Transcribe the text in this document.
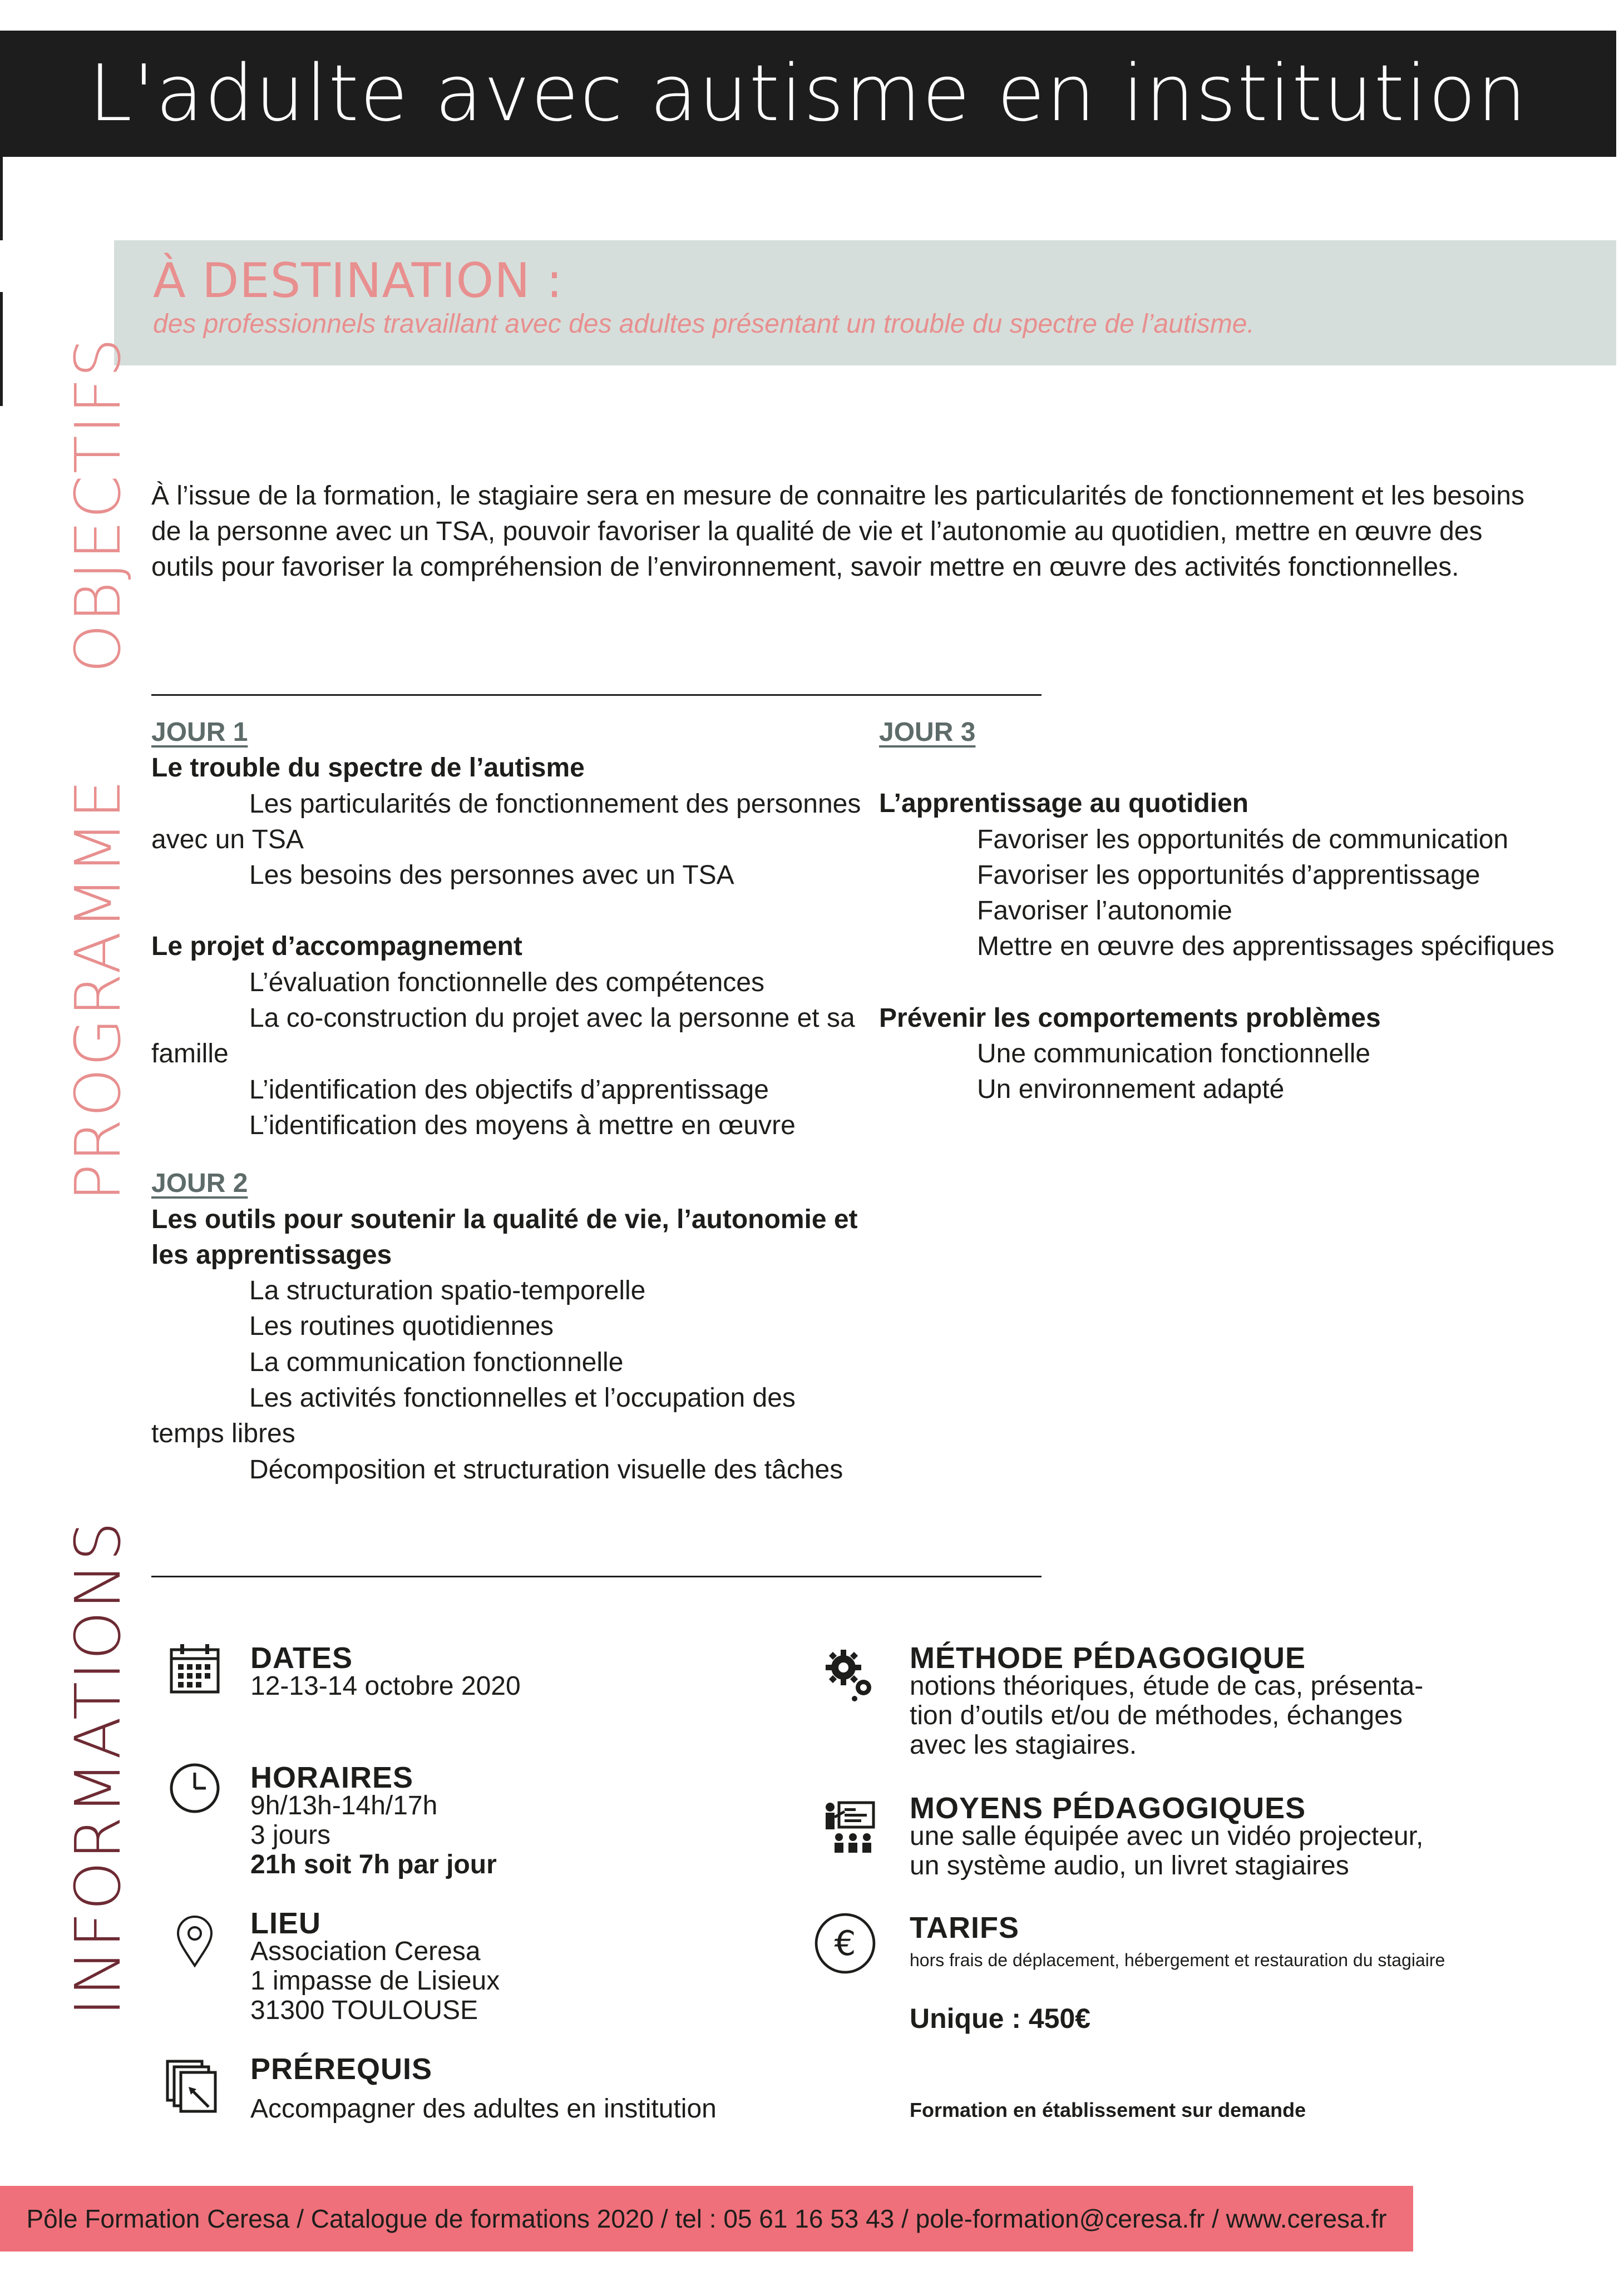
L'adulte avec autisme en institution
À DESTINATION :
des professionnels travaillant avec des adultes présentant un trouble du spectre de l’autisme.
OBJECTIFS
PROGRAMME
INFORMATIONS
À l’issue de la formation, le stagiaire sera en mesure de connaitre les particularités de fonctionnement et les besoins de la personne avec un TSA, pouvoir favoriser la qualité de vie et l’autonomie au quotidien, mettre en œuvre des outils pour favoriser la compréhension de l’environnement, savoir mettre en œuvre des activités fonctionnelles.
JOUR 1
Le trouble du spectre de l’autisme
Les particularités de fonctionnement des personnes avec un TSA
Les besoins des personnes avec un TSA
Le projet d’accompagnement
L’évaluation fonctionnelle des compétences
La co-construction du projet avec la personne et sa famille
L’identification des objectifs d’apprentissage
L’identification des moyens à mettre en œuvre
JOUR 2
Les outils pour soutenir la qualité de vie, l’autonomie et les apprentissages
La structuration spatio-temporelle
Les routines quotidiennes
La communication fonctionnelle
Les activités fonctionnelles et l’occupation des temps libres
Décomposition et structuration visuelle des tâches
JOUR 3
L’apprentissage au quotidien
Favoriser les opportunités de communication
Favoriser les opportunités d’apprentissage
Favoriser l’autonomie
Mettre en œuvre des apprentissages spécifiques
Prévenir les comportements problèmes
Une communication fonctionnelle
Un environnement adapté
DATES
12-13-14 octobre 2020
HORAIRES
9h/13h-14h/17h
3 jours
21h soit 7h par jour
LIEU
Association Ceresa
1 impasse de Lisieux
31300 TOULOUSE
PRÉREQUIS
Accompagner des adultes en institution
MÉTHODE PÉDAGOGIQUE
notions théoriques, étude de cas, présenta-
tion d’outils et/ou de méthodes, échanges
avec les stagiaires.
MOYENS PÉDAGOGIQUES
une salle équipée avec un vidéo projecteur,
un système audio, un livret stagiaires
€ TARIFS
hors frais de déplacement, hébergement et restauration du stagiaire
Unique : 450€
Formation en établissement sur demande
Pôle Formation Ceresa / Catalogue de formations 2020 / tel : 05 61 16 53 43 / pole-formation@ceresa.fr / www.ceresa.fr
